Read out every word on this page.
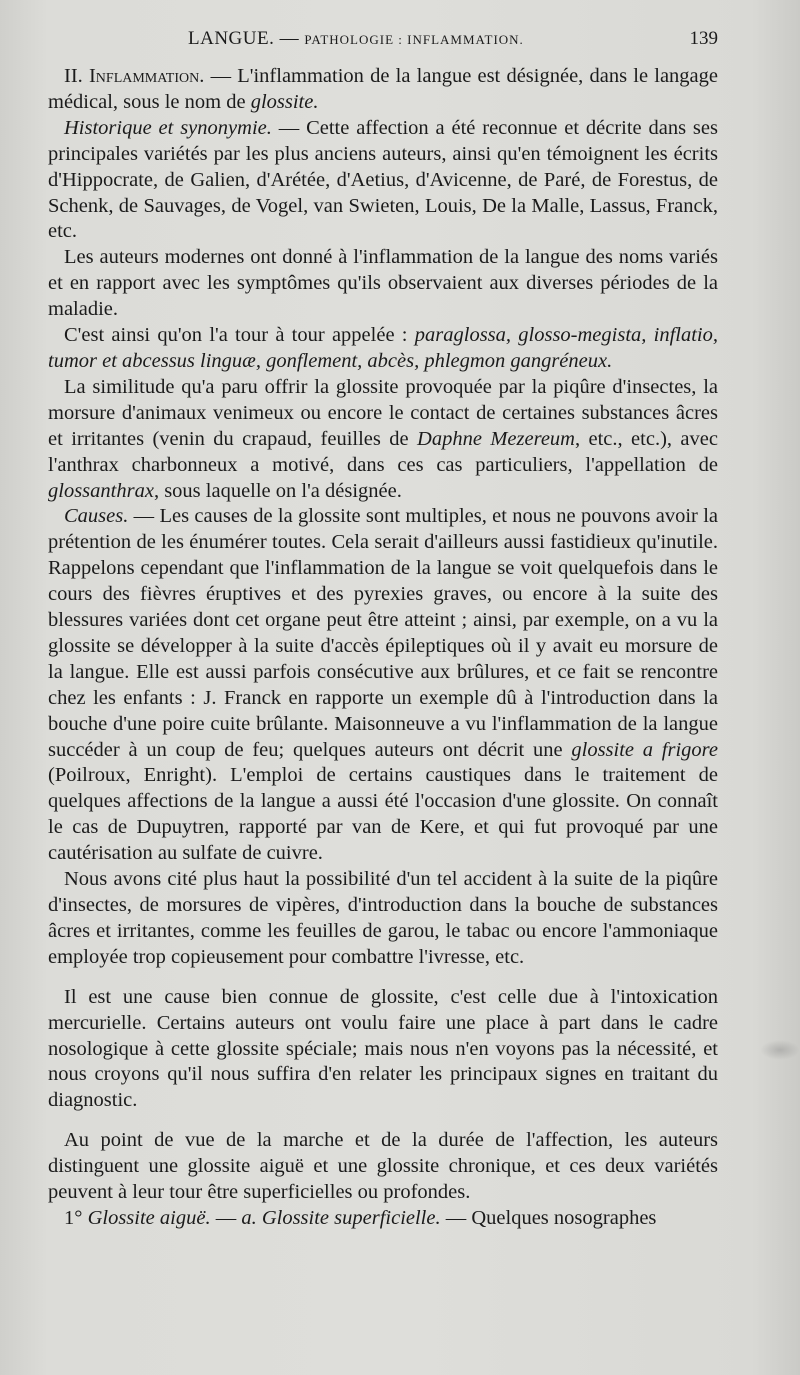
LANGUE. — PATHOLOGIE : INFLAMMATION.	139

II. Inflammation. — L'inflammation de la langue est désignée, dans le langage médical, sous le nom de glossite.

Historique et synonymie. — Cette affection a été reconnue et décrite dans ses principales variétés par les plus anciens auteurs, ainsi qu'en témoignent les écrits d'Hippocrate, de Galien, d'Arétée, d'Aetius, d'Avicenne, de Paré, de Forestus, de Schenk, de Sauvages, de Vogel, van Swieten, Louis, De la Malle, Lassus, Franck, etc.

Les auteurs modernes ont donné à l'inflammation de la langue des noms variés et en rapport avec les symptômes qu'ils observaient aux diverses périodes de la maladie.

C'est ainsi qu'on l'a tour à tour appelée : paraglossa, glosso-megista, inflatio, tumor et abcessus linguæ, gonflement, abcès, phlegmon gangréneux.

La similitude qu'a paru offrir la glossite provoquée par la piqûre d'insectes, la morsure d'animaux venimeux ou encore le contact de certaines substances âcres et irritantes (venin du crapaud, feuilles de Daphne Mezereum, etc., etc.), avec l'anthrax charbonneux a motivé, dans ces cas particuliers, l'appellation de glossanthrax, sous laquelle on l'a désignée.

Causes. — Les causes de la glossite sont multiples, et nous ne pouvons avoir la prétention de les énumérer toutes. Cela serait d'ailleurs aussi fastidieux qu'inutile. Rappelons cependant que l'inflammation de la langue se voit quelquefois dans le cours des fièvres éruptives et des pyrexies graves, ou encore à la suite des blessures variées dont cet organe peut être atteint ; ainsi, par exemple, on a vu la glossite se développer à la suite d'accès épileptiques où il y avait eu morsure de la langue. Elle est aussi parfois consécutive aux brûlures, et ce fait se rencontre chez les enfants : J. Franck en rapporte un exemple dû à l'introduction dans la bouche d'une poire cuite brûlante. Maisonneuve a vu l'inflammation de la langue succéder à un coup de feu; quelques auteurs ont décrit une glossite a frigore (Poilroux, Enright). L'emploi de certains caustiques dans le traitement de quelques affections de la langue a aussi été l'occasion d'une glossite. On connaît le cas de Dupuytren, rapporté par van de Kere, et qui fut provoqué par une cautérisation au sulfate de cuivre.

Nous avons cité plus haut la possibilité d'un tel accident à la suite de la piqûre d'insectes, de morsures de vipères, d'introduction dans la bouche de substances âcres et irritantes, comme les feuilles de garou, le tabac ou encore l'ammoniaque employée trop copieusement pour combattre l'ivresse, etc.

Il est une cause bien connue de glossite, c'est celle due à l'intoxication mercurielle. Certains auteurs ont voulu faire une place à part dans le cadre nosologique à cette glossite spéciale; mais nous n'en voyons pas la nécessité, et nous croyons qu'il nous suffira d'en relater les principaux signes en traitant du diagnostic.

Au point de vue de la marche et de la durée de l'affection, les auteurs distinguent une glossite aiguë et une glossite chronique, et ces deux variétés peuvent à leur tour être superficielles ou profondes.

1° Glossite aiguë. — a. Glossite superficielle. — Quelques nosographes
